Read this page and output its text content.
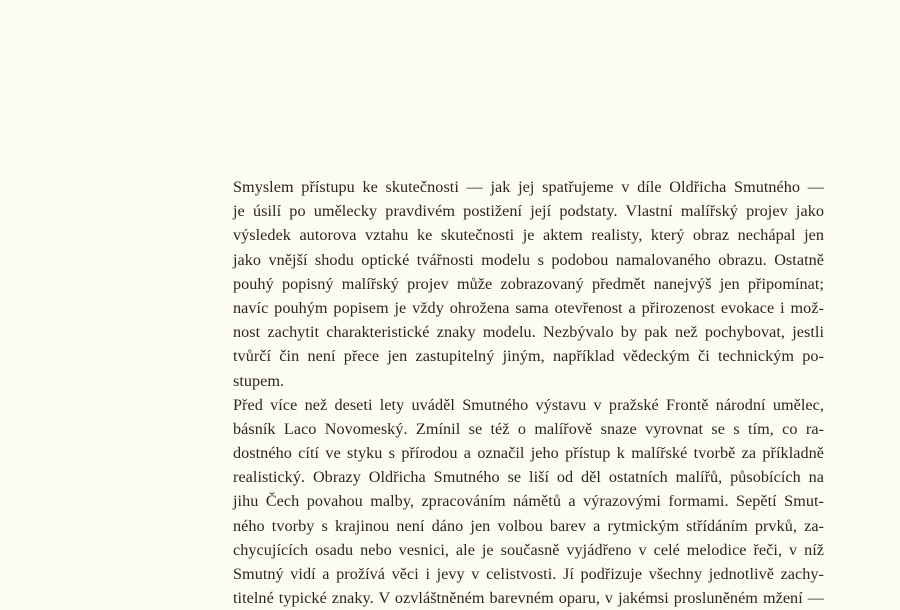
Smyslem přístupu ke skutečnosti — jak jej spatřujeme v díle Oldřicha Smutného —
je úsilí po umělecky pravdivém postižení její podstaty. Vlastní malířský projev jako
výsledek autorova vztahu ke skutečnosti je aktem realisty, který obraz nechápal jen
jako vnější shodu optické tvářnosti modelu s podobou namalovaného obrazu. Ostatně
pouhý popisný malířský projev může zobrazovaný předmět nanejvýš jen připomínat;
navíc pouhým popisem je vždy ohrožena sama otevřenost a přirozenost evokace i mož-
nost zachytit charakteristické znaky modelu. Nezbývalo by pak než pochybovat, jestli
tvůrčí čin není přece jen zastupitelný jiným, například vědeckým či technickým po-
stupem.
Před více než deseti lety uváděl Smutného výstavu v pražské Frontě národní umělec,
básník Laco Novomeský. Zmínil se též o malířově snaze vyrovnat se s tím, co ra-
dostného cítí ve styku s přírodou a označil jeho přístup k malířské tvorbě za příkladně
realistický. Obrazy Oldřicha Smutného se liší od děl ostatních malířů, působících na
jihu Čech povahou malby, zpracováním námětů a výrazovými formami. Sepětí Smut-
ného tvorby s krajinou není dáno jen volbou barev a rytmickým střídáním prvků, za-
chycujících osadu nebo vesnici, ale je současně vyjádřeno v celé melodice řeči, v níž
Smutný vidí a prožívá věci i jevy v celistvosti. Jí podřizuje všechny jednotlivě zachy-
titelné typické znaky. V ozvláštněném barevném oparu, v jakémsi prosluněném mžení —
